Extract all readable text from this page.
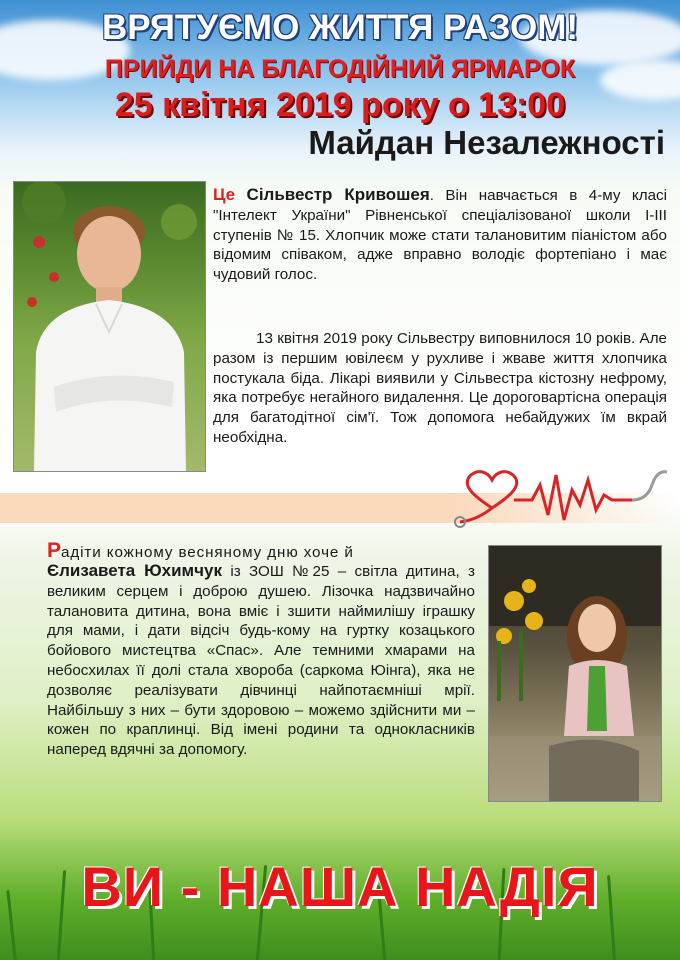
ВРЯТУЄМО ЖИТТЯ РАЗОМ!
ПРИЙДИ НА БЛАГОДІЙНИЙ ЯРМАРОК
25 квітня 2019 року о 13:00
Майдан Незалежності

Це Сільвестр Кривошея. Він навчається в 4-му класі "Інтелект України" Рівненської спеціалізованої школи І-ІІІ ступенів № 15. Хлопчик може стати талановитим піаністом або відомим співаком, адже вправно володіє фортепіано і має чудовий голос.

13 квітня 2019 року Сільвестру виповнилося 10 років. Але разом із першим ювілеєм у рухливе і жваве життя хлопчика постукала біда. Лікарі виявили у Сільвестра кістозну нефрому, яка потребує негайного видалення. Це дороговартісна операція для багатодітної сім'ї. Тож допомога небайдужих їм вкрай необхідна.

Радіти кожному весняному дню хоче й

Єлизавета Юхимчук із ЗОШ №25 – світла дитина, з великим серцем і доброю душею. Лізочка надзвичайно талановита дитина, вона вміє і зшити наймилішу іграшку для мами, і дати відсіч будь-кому на гуртку козацького бойового мистецтва «Спас». Але темними хмарами на небосхилах її долі стала хвороба (саркома Юінга), яка не дозволяє реалізувати дівчинці найпотаємніші мрії. Найбільшу з них – бути здоровою – можемо здійснити ми – кожен по краплинці. Від імені родини та однокласників наперед вдячні за допомогу.

ВИ - НАША НАДІЯ
